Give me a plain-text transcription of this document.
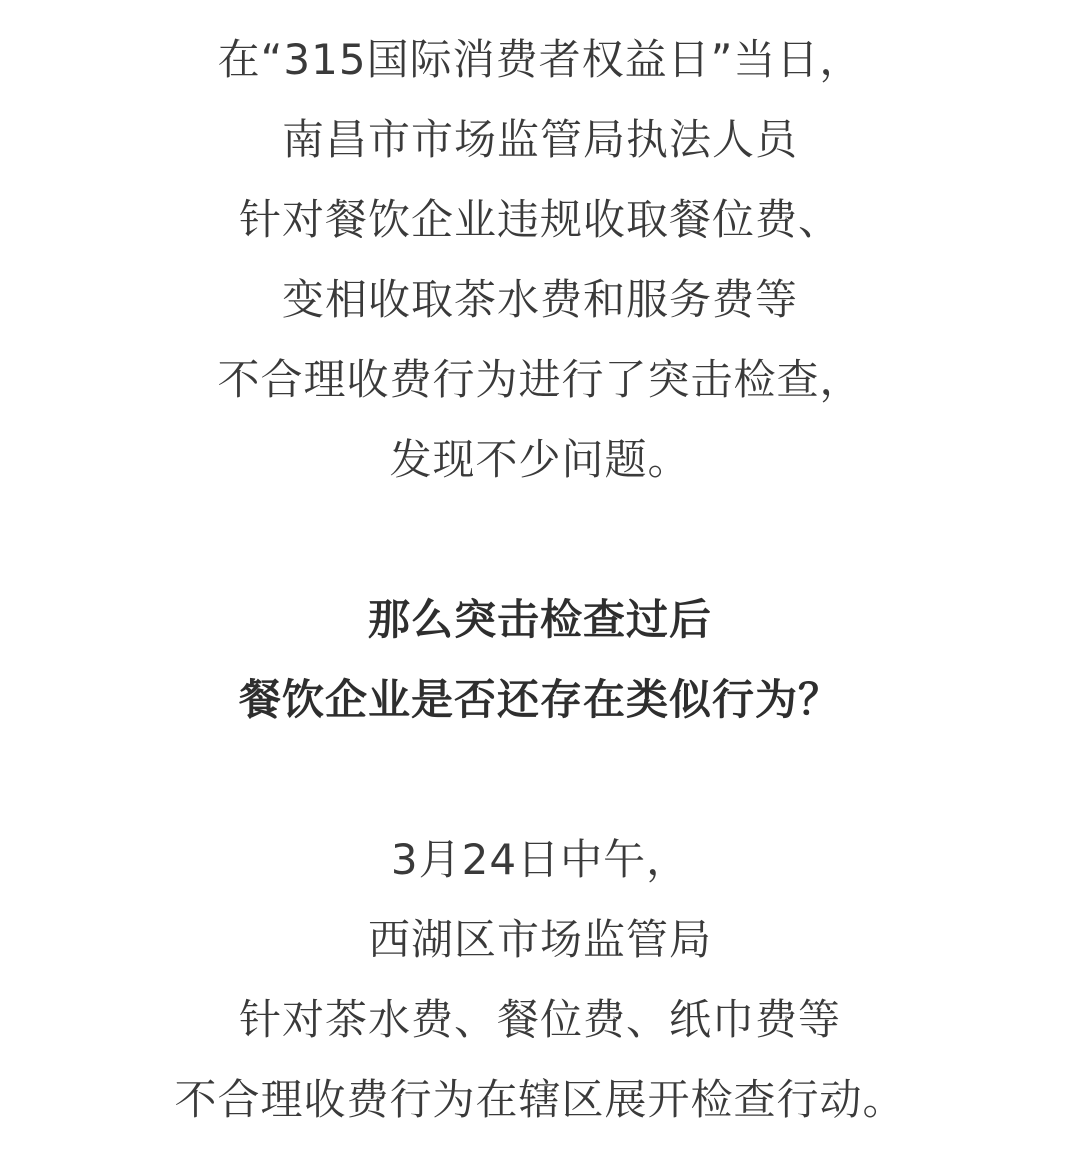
在“315国际消费者权益日”当日，
南昌市市场监管局执法人员
针对餐饮企业违规收取餐位费、
变相收取茶水费和服务费等
不合理收费行为进行了突击检查，
发现不少问题。
那么突击检查过后
餐饮企业是否还存在类似行为？
3月24日中午，
西湖区市场监管局
针对茶水费、餐位费、纸巾费等
不合理收费行为在辖区展开检查行动。
